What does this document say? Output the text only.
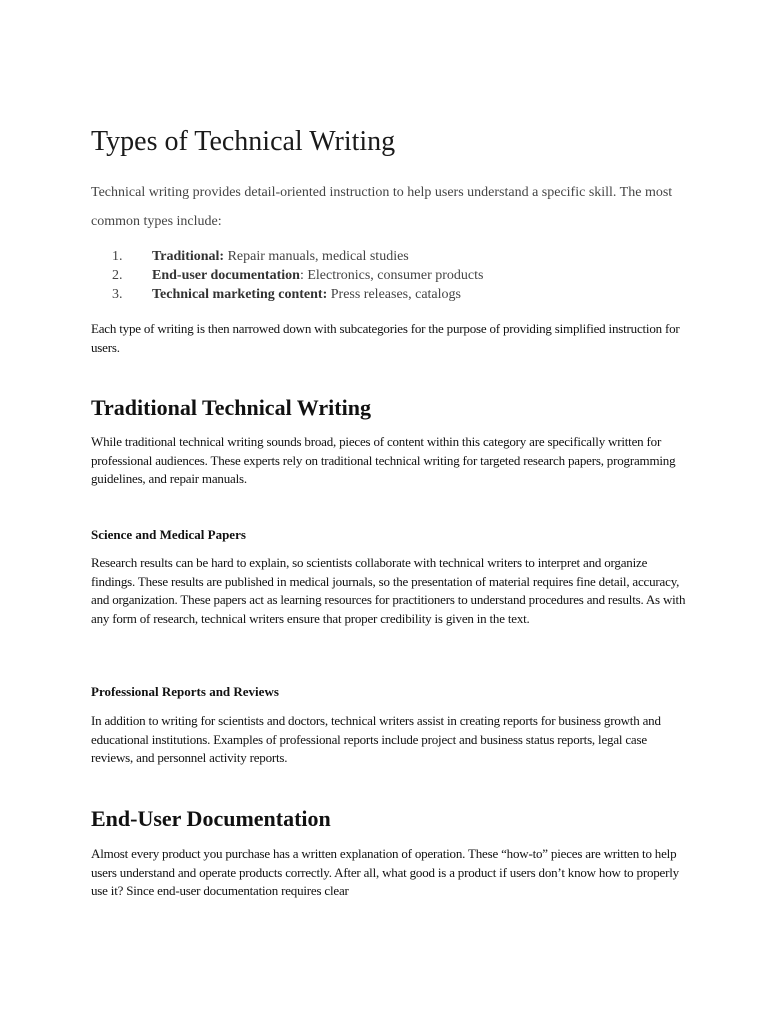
Types of Technical Writing

Technical writing provides detail-oriented instruction to help users understand a specific skill. The most common types include:

1. Traditional: Repair manuals, medical studies
2. End-user documentation: Electronics, consumer products
3. Technical marketing content: Press releases, catalogs

Each type of writing is then narrowed down with subcategories for the purpose of providing simplified instruction for users.

Traditional Technical Writing

While traditional technical writing sounds broad, pieces of content within this category are specifically written for professional audiences. These experts rely on traditional technical writing for targeted research papers, programming guidelines, and repair manuals.

Science and Medical Papers

Research results can be hard to explain, so scientists collaborate with technical writers to interpret and organize findings. These results are published in medical journals, so the presentation of material requires fine detail, accuracy, and organization. These papers act as learning resources for practitioners to understand procedures and results. As with any form of research, technical writers ensure that proper credibility is given in the text.

Professional Reports and Reviews

In addition to writing for scientists and doctors, technical writers assist in creating reports for business growth and educational institutions. Examples of professional reports include project and business status reports, legal case reviews, and personnel activity reports.

End-User Documentation

Almost every product you purchase has a written explanation of operation. These “how-to” pieces are written to help users understand and operate products correctly. After all, what good is a product if users don’t know how to properly use it? Since end-user documentation requires clear
